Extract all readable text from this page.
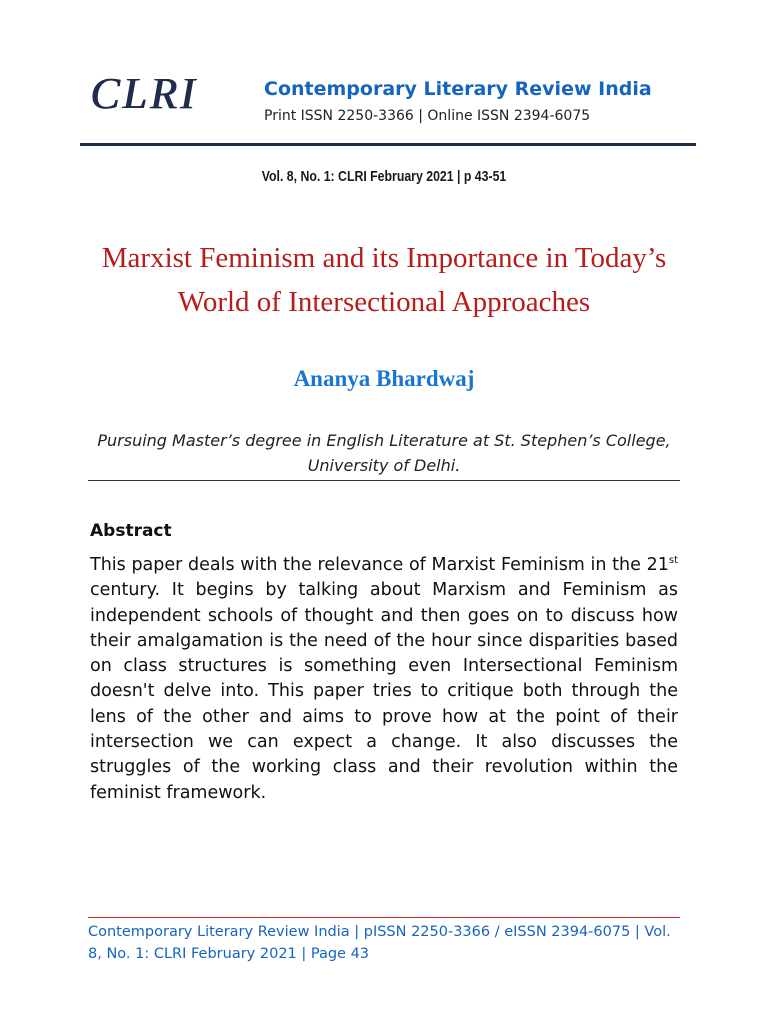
CLRI	Contemporary Literary Review India
Print ISSN 2250-3366 | Online ISSN 2394-6075
Vol. 8, No. 1: CLRI February 2021 | p 43-51
Marxist Feminism and its Importance in Today’s World of Intersectional Approaches
Ananya Bhardwaj
Pursuing Master’s degree in English Literature at St. Stephen’s College, University of Delhi.
Abstract
This paper deals with the relevance of Marxist Feminism in the 21st century. It begins by talking about Marxism and Feminism as independent schools of thought and then goes on to discuss how their amalgamation is the need of the hour since disparities based on class structures is something even Intersectional Feminism doesn't delve into. This paper tries to critique both through the lens of the other and aims to prove how at the point of their intersection we can expect a change. It also discusses the struggles of the working class and their revolution within the feminist framework.
Contemporary Literary Review India | pISSN 2250-3366 / eISSN 2394-6075 | Vol. 8, No. 1: CLRI February 2021 | Page 43
